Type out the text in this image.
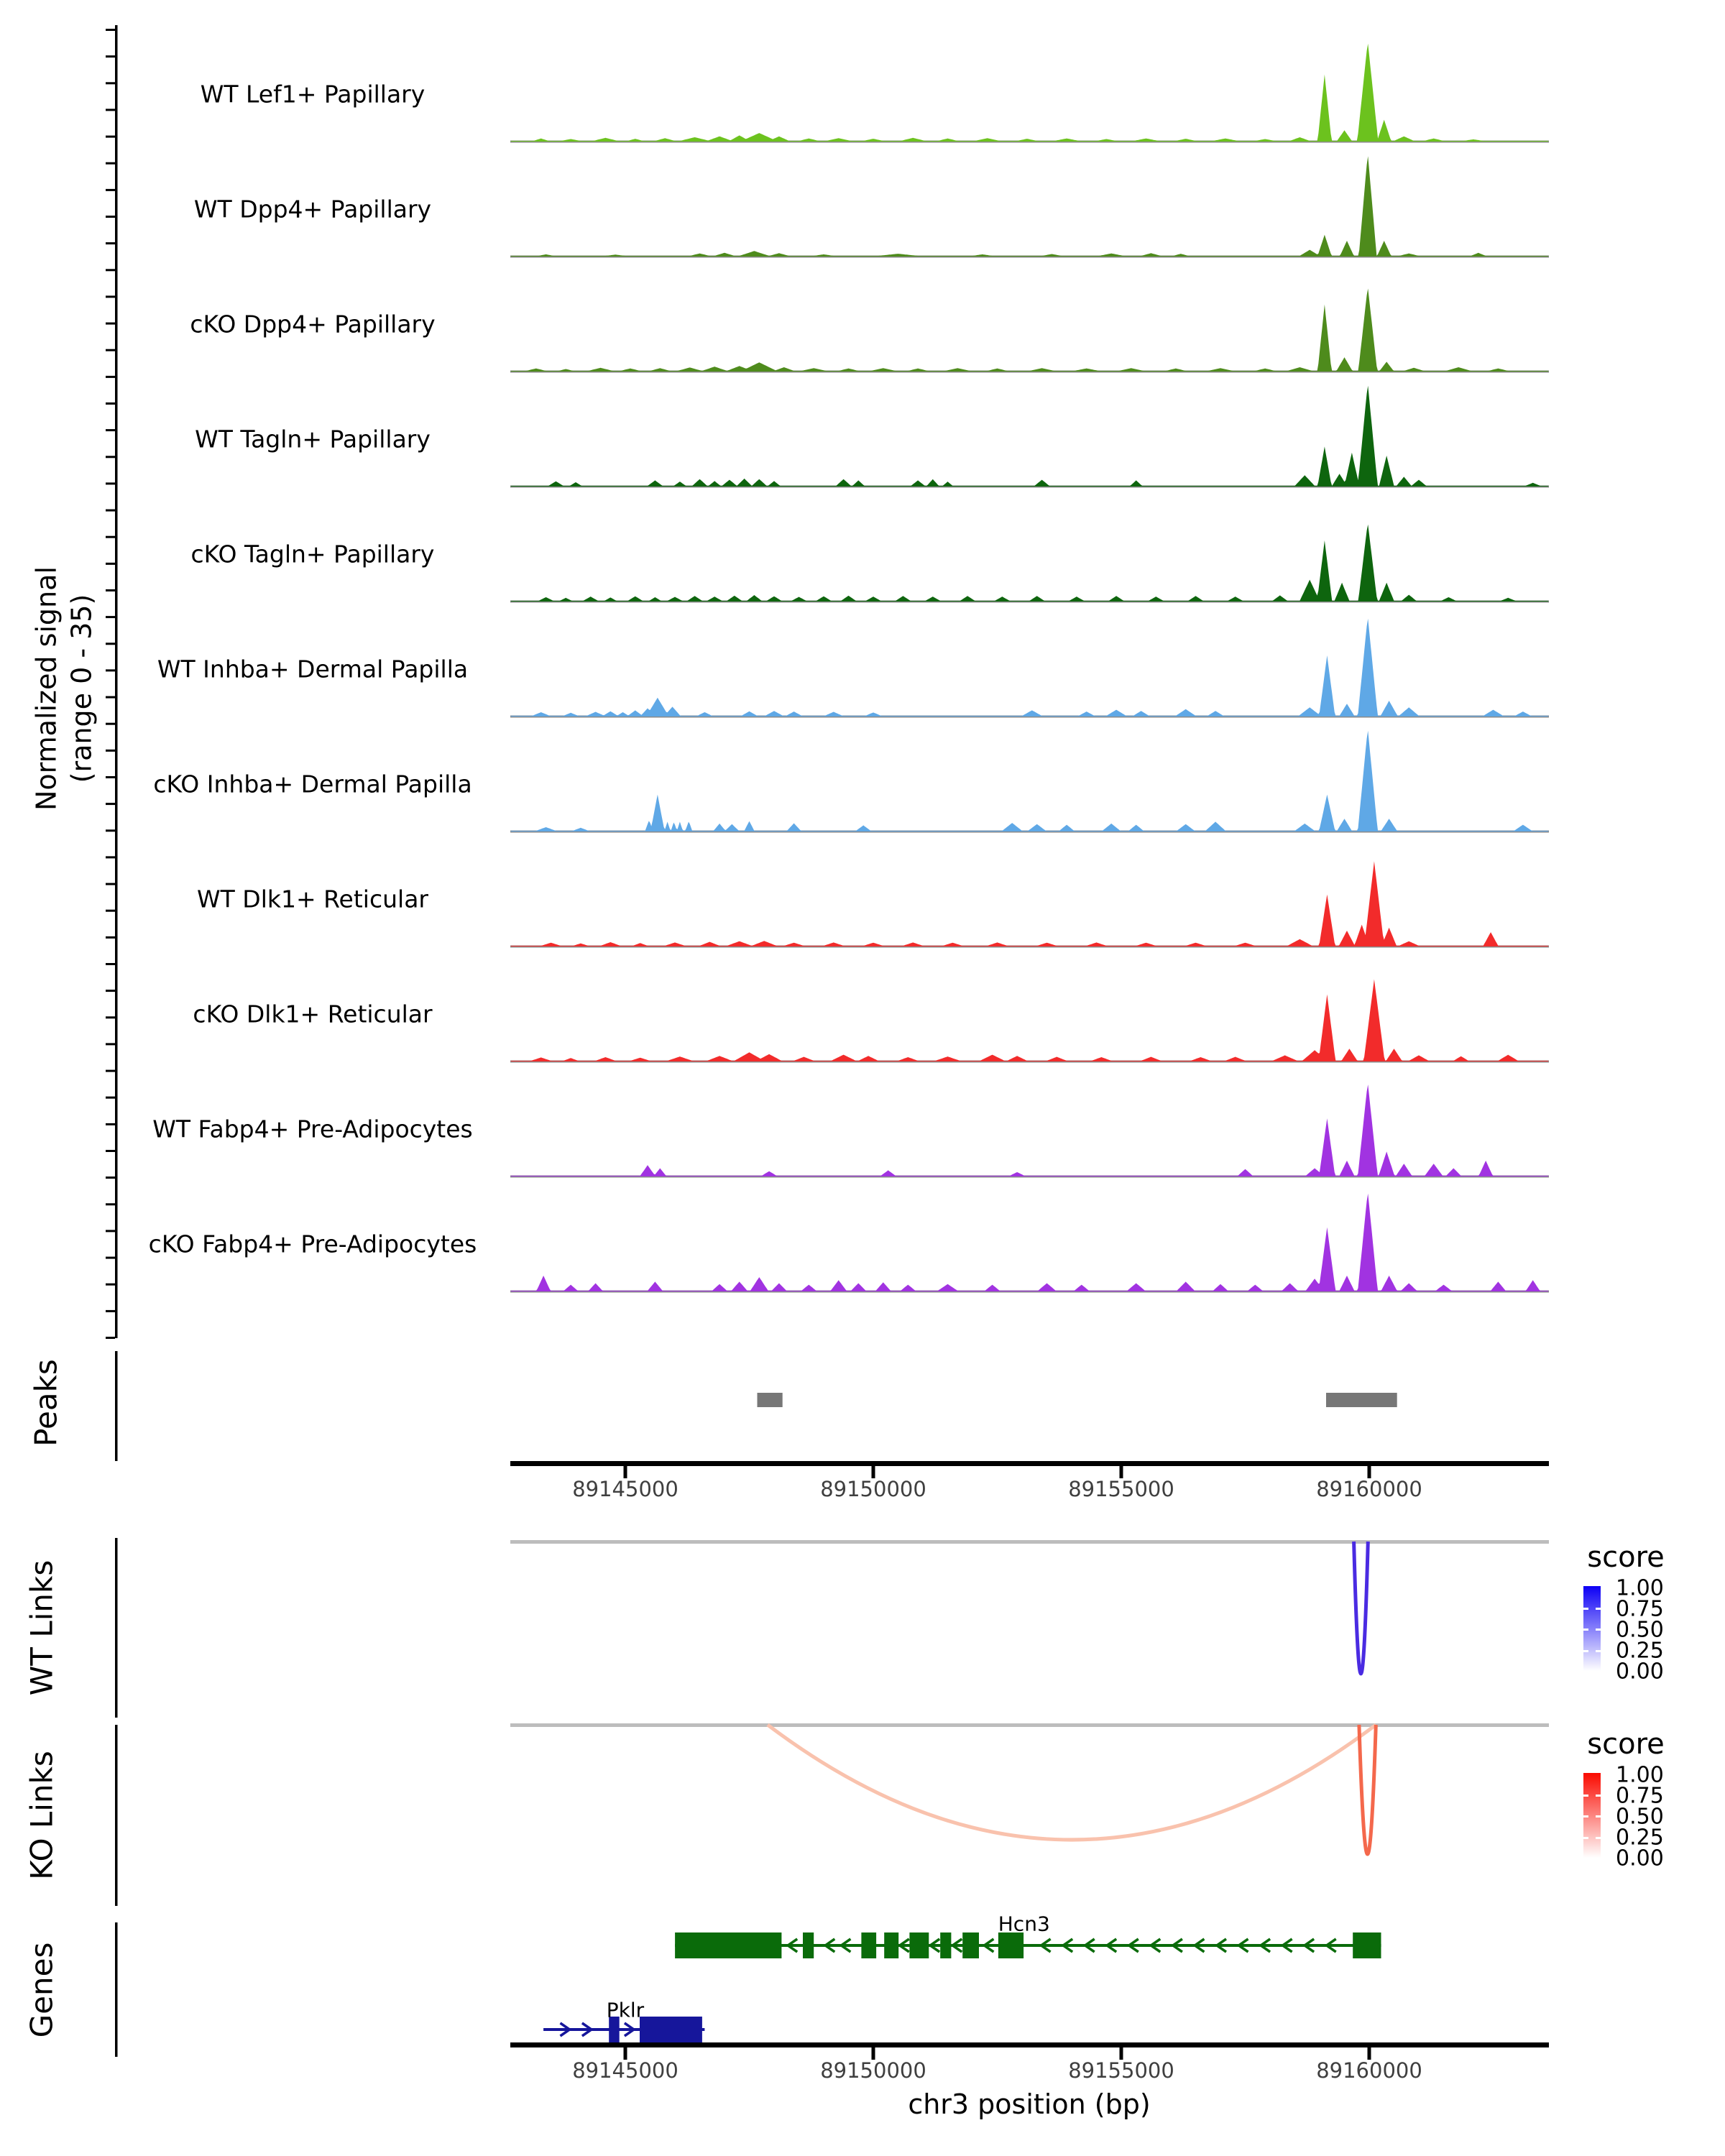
Normalized signal (range 0 - 35)
Peaks
WT Links
KO Links
Genes
WT Lef1+ Papillary
WT Dpp4+ Papillary
cKO Dpp4+ Papillary
WT Tagln+ Papillary
cKO Tagln+ Papillary
WT Inhba+ Dermal Papilla
cKO Inhba+ Dermal Papilla
WT Dlk1+ Reticular
cKO Dlk1+ Reticular
WT Fabp4+ Pre-Adipocytes
cKO Fabp4+ Pre-Adipocytes
89145000
89145000
89150000
89150000
89155000
89155000
89160000
89160000
Hcn3
Pklr
score
1.00
0.75
0.50
0.25
0.00
score
1.00
0.75
0.50
0.25
0.00
chr3 position (bp)
